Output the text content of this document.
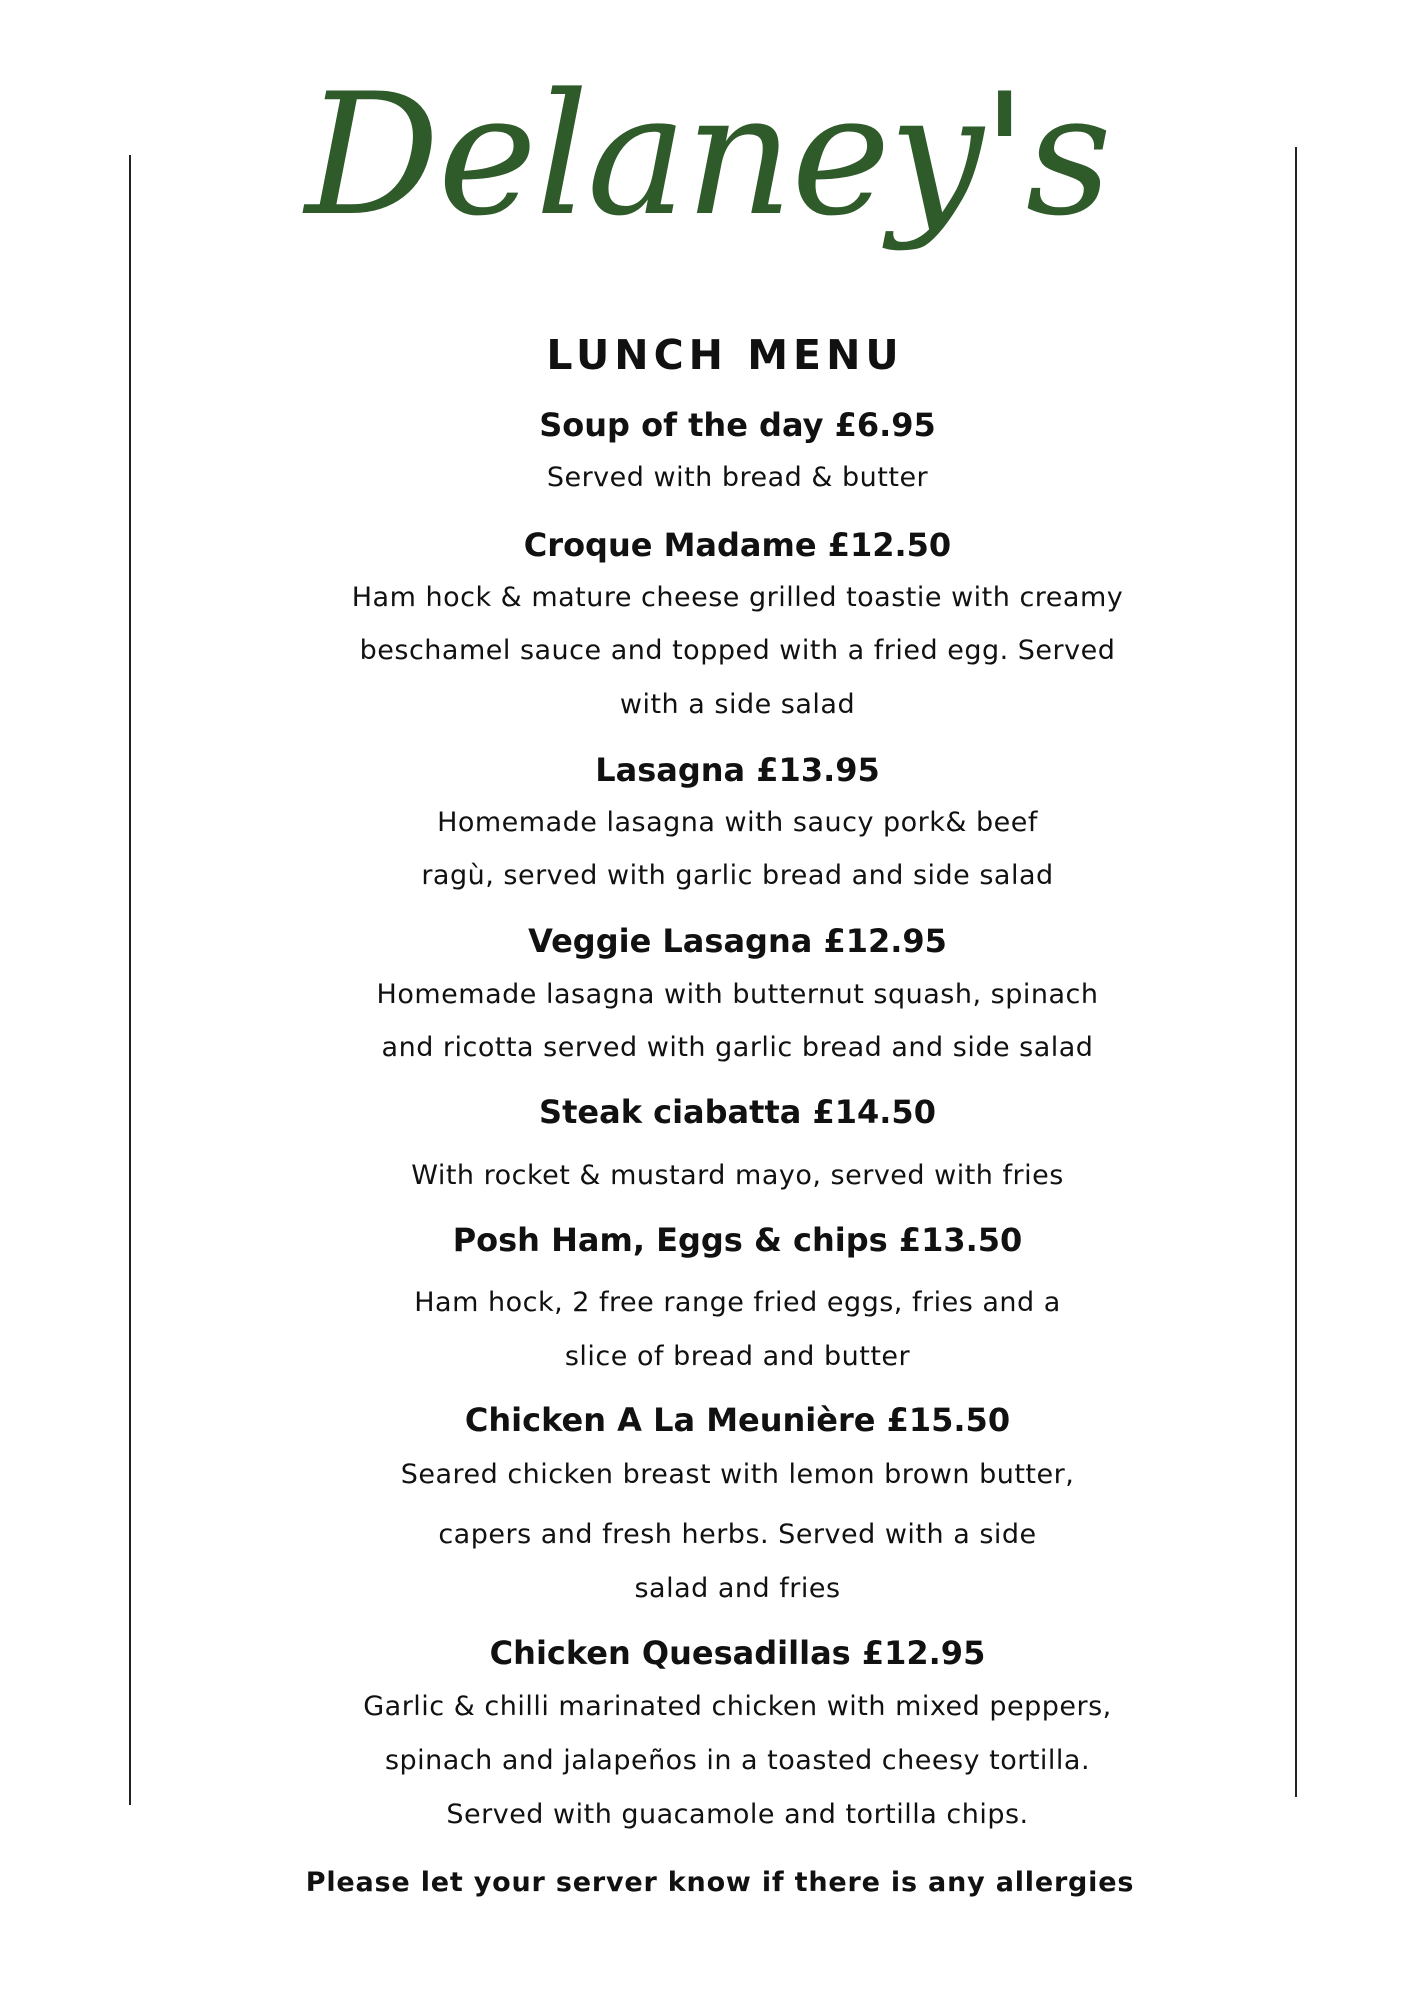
Delaney's
LUNCH MENU
Soup of the day £6.95
Served with bread & butter
Croque Madame £12.50
Ham hock & mature cheese grilled toastie with creamy
beschamel sauce and topped with a fried egg. Served
with a side salad
Lasagna £13.95
Homemade lasagna with saucy pork& beef
ragù, served with garlic bread and side salad
Veggie Lasagna £12.95
Homemade lasagna with butternut squash, spinach
and ricotta served with garlic bread and side salad
Steak ciabatta £14.50
With rocket & mustard mayo, served with fries
Posh Ham, Eggs & chips £13.50
Ham hock, 2 free range fried eggs, fries and a
slice of bread and butter
Chicken A La Meunière £15.50
Seared chicken breast with lemon brown butter,
capers and fresh herbs. Served with a side
salad and fries
Chicken Quesadillas £12.95
Garlic & chilli marinated chicken with mixed peppers,
spinach and jalapeños in a toasted cheesy tortilla.
Served with guacamole and tortilla chips.
Please let your server know if there is any allergies
